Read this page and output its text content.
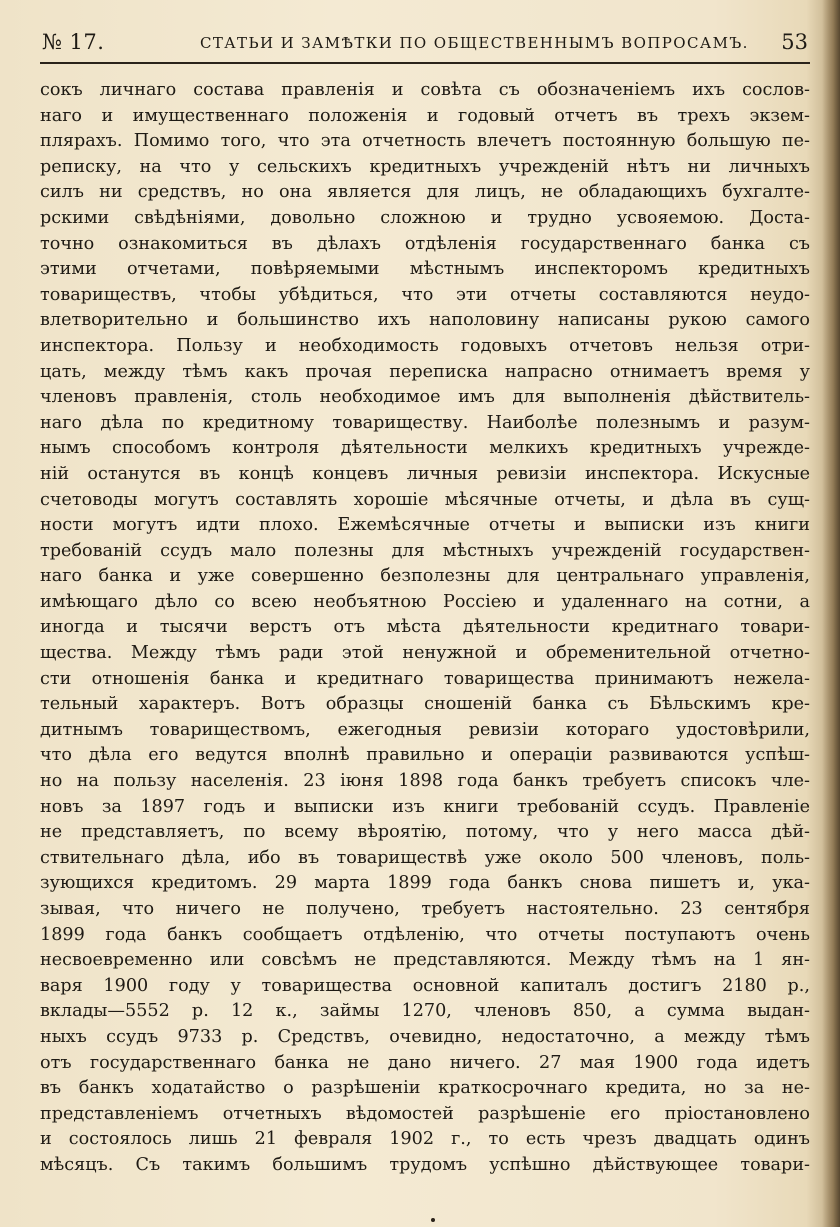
№ 17.	СТАТЬИ И ЗАМѢТКИ ПО ОБЩЕСТВЕННЫМЪ ВОПРОСАМЪ. 53
сокъ личнаго состава правленія и совѣта съ обозначеніемъ ихъ сослов-
наго и имущественнаго положенія и годовый отчетъ въ трехъ экзем-
плярахъ. Помимо того, что эта отчетность влечетъ постоянную большую пе-
реписку, на что у сельскихъ кредитныхъ учрежденій нѣтъ ни личныхъ
силъ ни средствъ, но она является для лицъ, не обладающихъ бухгалте-
рскими свѣдѣніями, довольно сложною и трудно усвояемою. Доста-
точно ознакомиться въ дѣлахъ отдѣленія государственнаго банка съ
этими отчетами, повѣряемыми мѣстнымъ инспекторомъ кредитныхъ
товариществъ, чтобы убѣдиться, что эти отчеты составляются неудо-
влетворительно и большинство ихъ наполовину написаны рукою самого
инспектора. Пользу и необходимость годовыхъ отчетовъ нельзя отри-
цать, между тѣмъ какъ прочая переписка напрасно отнимаетъ время у
членовъ правленія, столь необходимое имъ для выполненія дѣйствитель-
наго дѣла по кредитному товариществу. Наиболѣе полезнымъ и разум-
нымъ способомъ контроля дѣятельности мелкихъ кредитныхъ учрежде-
ній останутся въ концѣ концевъ личныя ревизіи инспектора. Искусные
счетоводы могутъ составлять хорошіе мѣсячные отчеты, и дѣла въ сущ-
ности могутъ идти плохо. Ежемѣсячные отчеты и выписки изъ книги
требованій ссудъ мало полезны для мѣстныхъ учрежденій государствен-
наго банка и уже совершенно безполезны для центральнаго управленія,
имѣющаго дѣло со всею необъятною Россіею и удаленнаго на сотни, а
иногда и тысячи верстъ отъ мѣста дѣятельности кредитнаго товари-
щества. Между тѣмъ ради этой ненужной и обременительной отчетно-
сти отношенія банка и кредитнаго товарищества принимаютъ нежела-
тельный характеръ. Вотъ образцы сношеній банка съ Бѣльскимъ кре-
дитнымъ товариществомъ, ежегодныя ревизіи котораго удостовѣрили,
что дѣла его ведутся вполнѣ правильно и операціи развиваются успѣш-
но на пользу населенія. 23 іюня 1898 года банкъ требуетъ списокъ чле-
новъ за 1897 годъ и выписки изъ книги требованій ссудъ. Правленіе
не представляетъ, по всему вѣроятію, потому, что у него масса дѣй-
ствительнаго дѣла, ибо въ товариществѣ уже около 500 членовъ, поль-
зующихся кредитомъ. 29 марта 1899 года банкъ снова пишетъ и, ука-
зывая, что ничего не получено, требуетъ настоятельно. 23 сентября
1899 года банкъ сообщаетъ отдѣленію, что отчеты поступаютъ очень
несвоевременно или совсѣмъ не представляются. Между тѣмъ на 1 ян-
варя 1900 году у товарищества основной капиталъ достигъ 2180 р.,
вклады—5552 р. 12 к., займы 1270, членовъ 850, а сумма выдан-
ныхъ ссудъ 9733 р. Средствъ, очевидно, недостаточно, а между тѣмъ
отъ государственнаго банка не дано ничего. 27 мая 1900 года идетъ
въ банкъ ходатайство о разрѣшеніи краткосрочнаго кредита, но за не-
представленіемъ отчетныхъ вѣдомостей разрѣшеніе его пріостановлено
и состоялось лишь 21 февраля 1902 г., то есть чрезъ двадцать одинъ
мѣсяцъ. Съ такимъ большимъ трудомъ успѣшно дѣйствующее товари-
